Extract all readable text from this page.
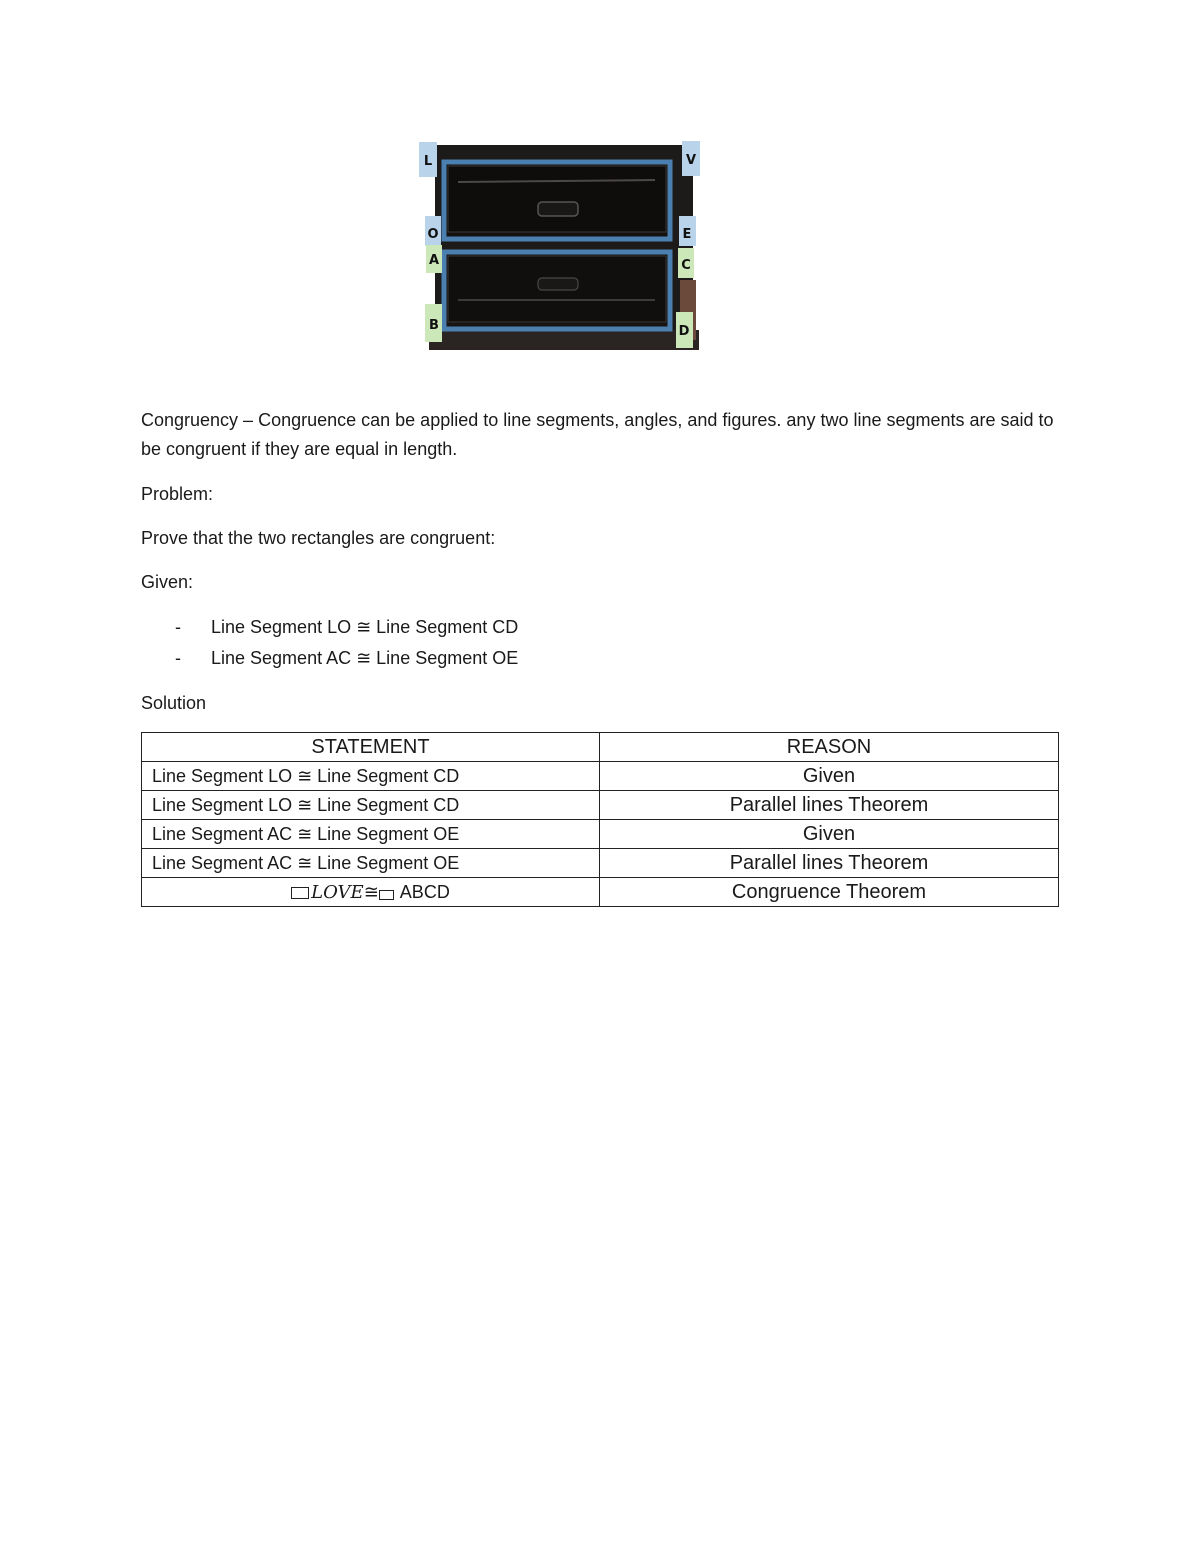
L	V
O	E
A	C
B	D

Congruency – Congruence can be applied to line segments, angles, and figures. any two line segments are said to be congruent if they are equal in length.

Problem:

Prove that the two rectangles are congruent:

Given:

- Line Segment LO ≅ Line Segment CD
- Line Segment AC ≅ Line Segment OE

Solution

STATEMENT	REASON
Line Segment LO ≅ Line Segment CD	Given
Line Segment LO ≅ Line Segment CD	Parallel lines Theorem
Line Segment AC ≅ Line Segment OE	Given
Line Segment AC ≅ Line Segment OE	Parallel lines Theorem
LOVE≅ ABCD	Congruence Theorem
